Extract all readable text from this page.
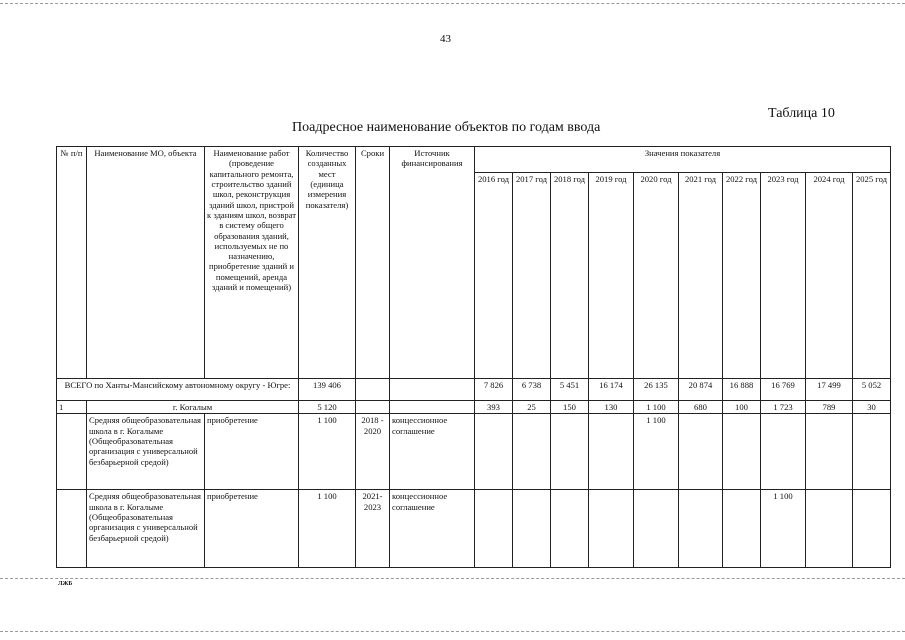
43
Таблица 10
Поадресное наименование объектов по годам ввода
№ п/п	Наименование МО, объекта	Наименование работ (проведение капитального ремонта, строительство зданий школ, реконструкция зданий школ, пристрой к зданиям школ, возврат в систему общего образования зданий, используемых не по назначению, приобретение зданий и помещений, аренда зданий и помещений)	Количество созданных мест (единица измерения показателя)	Сроки	Источник финансирования	Значения показателя									
						2016 год	2017 год	2018 год	2019 год	2020 год	2021 год	2022 год	2023 год	2024 год	2025 год
ВСЕГО по Ханты-Мансийскому автономному округу - Югре:			139 406			7 826	6 738	5 451	16 174	26 135	20 874	16 888	16 769	17 499	5 052
1	г. Когалым		5 120			393	25	150	130	1 100	680	100	1 723	789	30
	Средняя общеобразовательная школа в г. Когалыме (Общеобразовательная организация с универсальной безбарьерной средой)	приобретение	1 100	2018 - 2020	концессионное соглашение					1 100					
	Средняя общеобразовательная школа в г. Когалыме (Общеобразовательная организация с универсальной безбарьерной средой)	приобретение	1 100	2021- 2023	концессионное соглашение								1 100		
ЛЖБ
